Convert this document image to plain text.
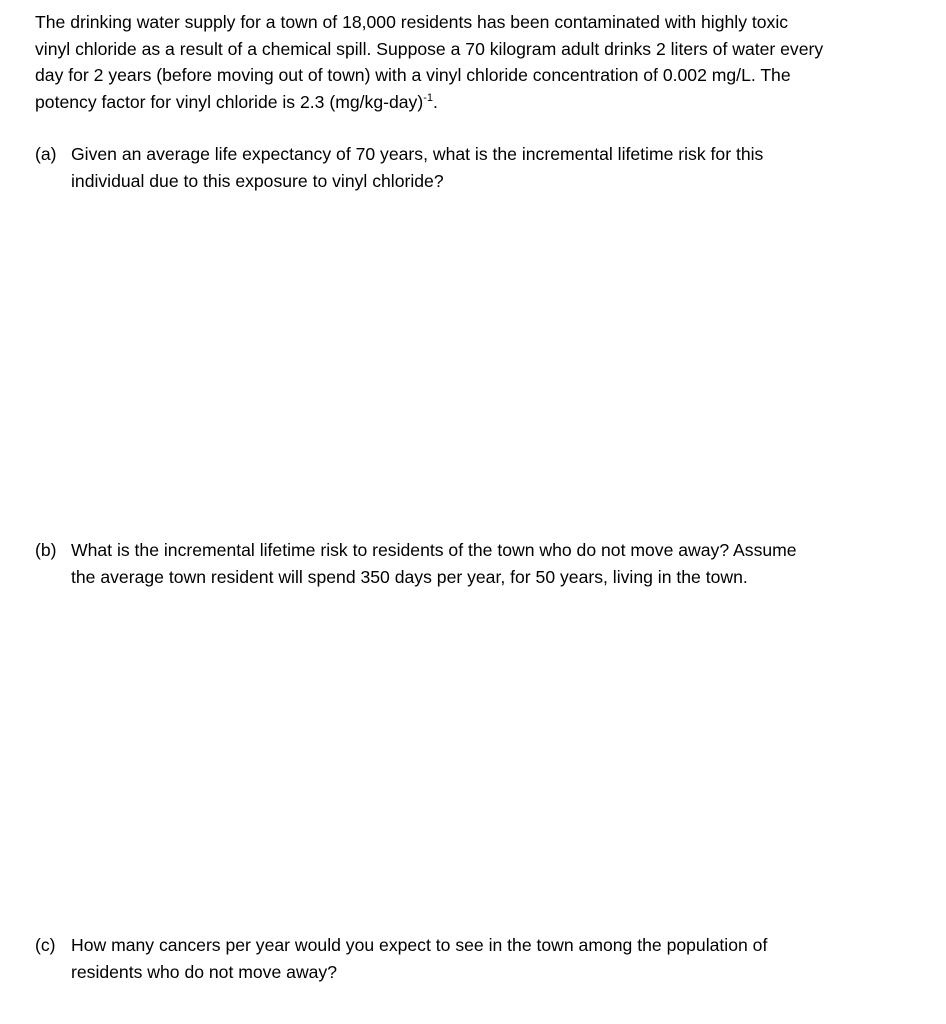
The drinking water supply for a town of 18,000 residents has been contaminated with highly toxic
vinyl chloride as a result of a chemical spill. Suppose a 70 kilogram adult drinks 2 liters of water every
day for 2 years (before moving out of town) with a vinyl chloride concentration of 0.002 mg/L. The
potency factor for vinyl chloride is 2.3 $(mg/kg-day)^{-1}$.

(a) Given an average life expectancy of 70 years, what is the incremental lifetime risk for this
individual due to this exposure to vinyl chloride?
(b) What is the incremental lifetime risk to residents of the town who do not move away? Assume
the average town resident will spend 350 days per year, for 50 years, living in the town.
(c) How many cancers per year would you expect to see in the town among the population of
residents who do not move away?
